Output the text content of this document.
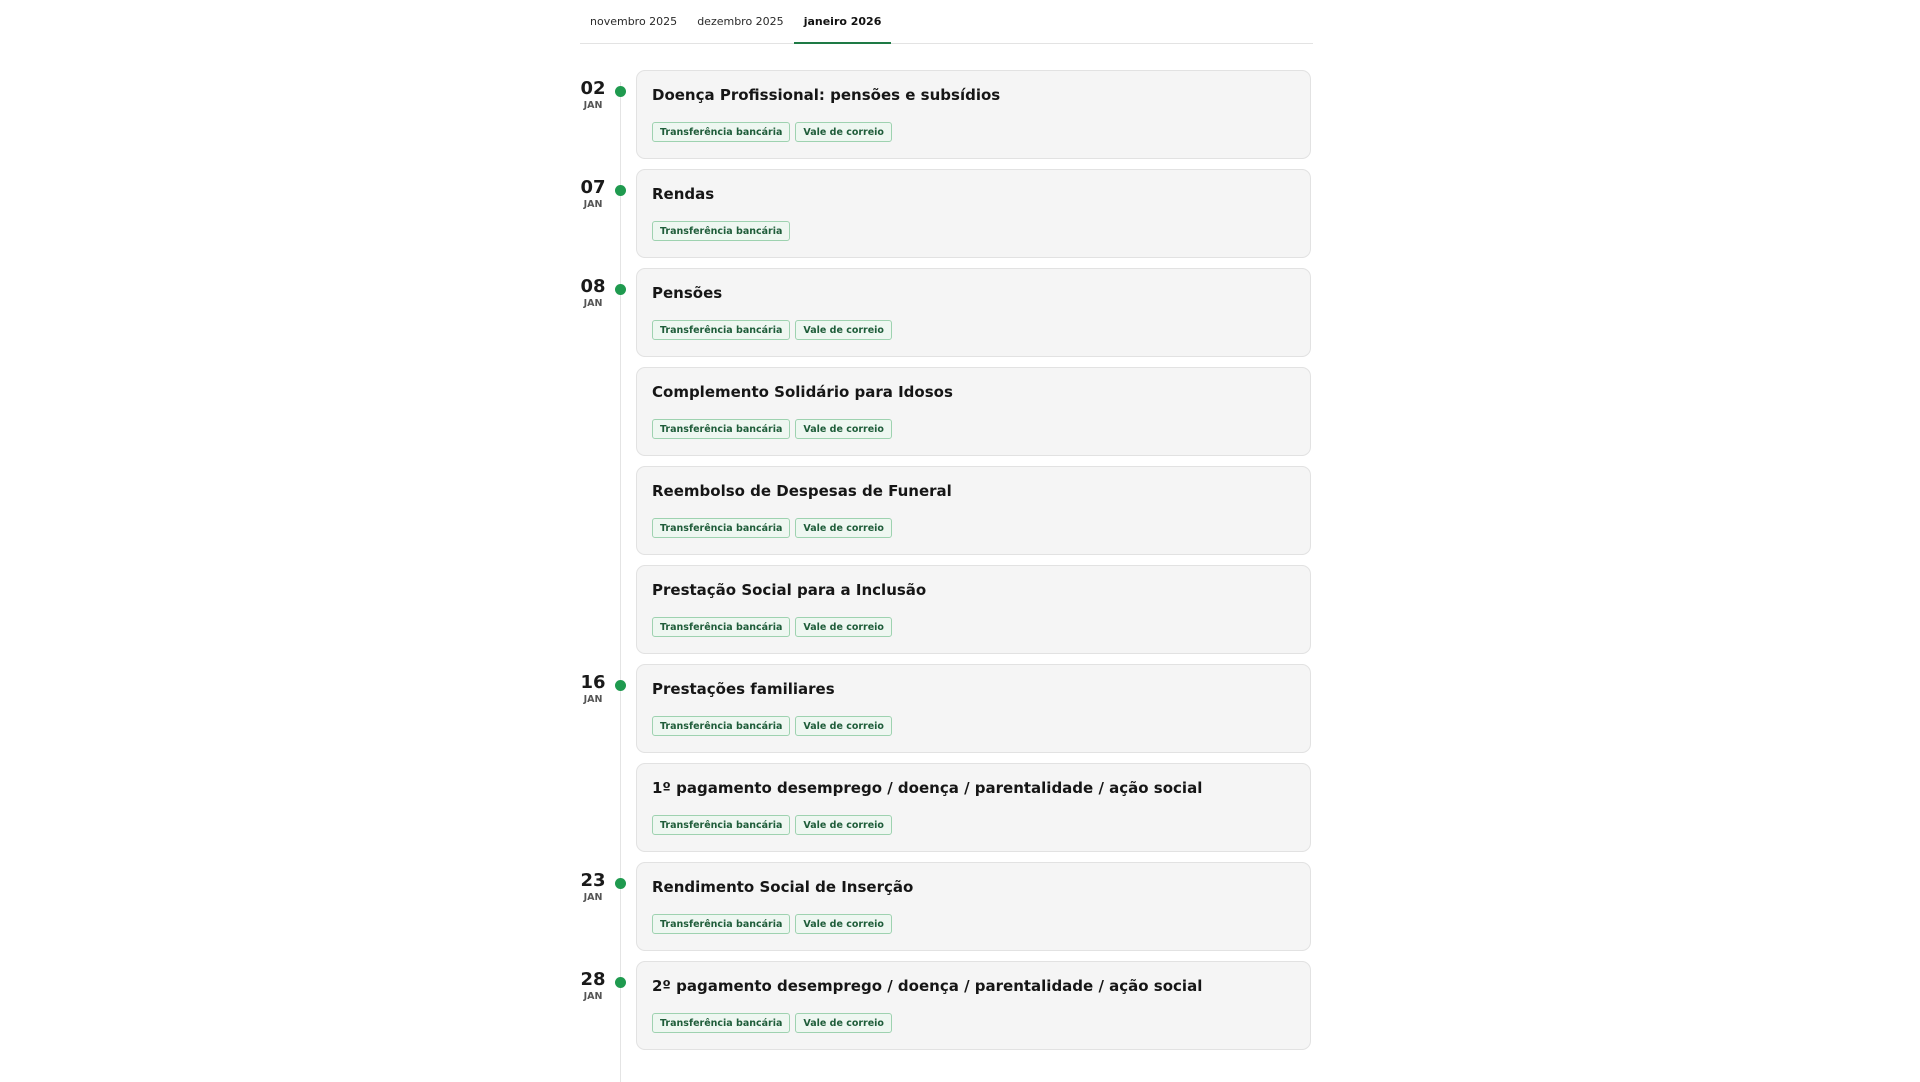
novembro 2025	dezembro 2025	janeiro 2026
02
JAN
Doença Profissional: pensões e subsídios
Transferência bancária	Vale de correio
07
JAN
Rendas
Transferência bancária
08
JAN
Pensões
Transferência bancária	Vale de correio
Complemento Solidário para Idosos
Transferência bancária	Vale de correio
Reembolso de Despesas de Funeral
Transferência bancária	Vale de correio
Prestação Social para a Inclusão
Transferência bancária	Vale de correio
16
JAN
Prestações familiares
Transferência bancária	Vale de correio
1º pagamento desemprego / doença / parentalidade / ação social
Transferência bancária	Vale de correio
23
JAN
Rendimento Social de Inserção
Transferência bancária	Vale de correio
28
JAN
2º pagamento desemprego / doença / parentalidade / ação social
Transferência bancária	Vale de correio
